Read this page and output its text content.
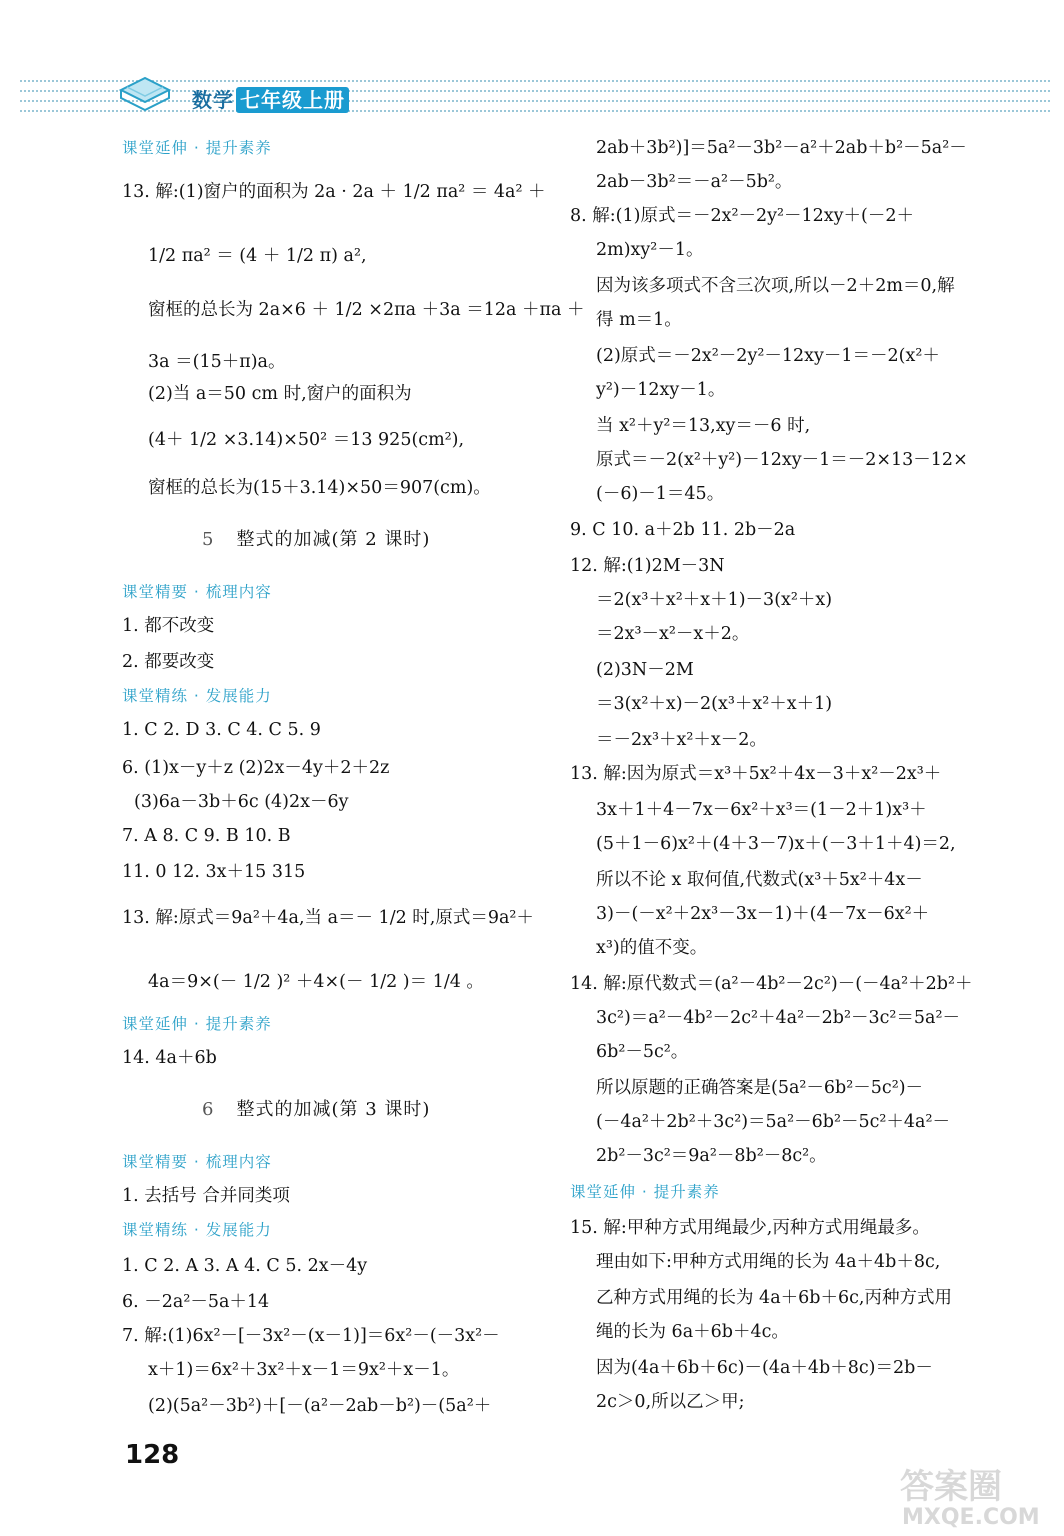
数学 七年级上册
课堂延伸 · 提升素养
13. 解:(1)窗户的面积为 2a · 2a ＋ 1/2 πa² ＝ 4a² ＋
1/2 πa² ＝ (4 ＋ 1/2 π) a²,
窗框的总长为 2a×6 ＋ 1/2 ×2πa ＋3a ＝12a ＋πa ＋
3a ＝(15＋π)a。
(2)当 a＝50 cm 时,窗户的面积为
(4＋ 1/2 ×3.14)×50² ＝13 925(cm²),
窗框的总长为(15＋3.14)×50＝907(cm)。
5 整式的加减(第 2 课时)
课堂精要 · 梳理内容
1. 都不改变
2. 都要改变
课堂精练 · 发展能力
1. C 2. D 3. C 4. C 5. 9
6. (1)x－y＋z (2)2x－4y＋2＋2z
(3)6a－3b＋6c (4)2x－6y
7. A 8. C 9. B 10. B
11. 0 12. 3x＋15 315
13. 解:原式＝9a²＋4a,当 a＝－ 1/2 时,原式＝9a²＋
4a＝9×(－ 1/2 )² ＋4×(－ 1/2 )＝ 1/4 。
课堂延伸 · 提升素养
14. 4a＋6b
6 整式的加减(第 3 课时)
课堂精要 · 梳理内容
1. 去括号 合并同类项
课堂精练 · 发展能力
1. C 2. A 3. A 4. C 5. 2x－4y
6. －2a²－5a＋14
7. 解:(1)6x²－[－3x²－(x－1)]＝6x²－(－3x²－
x＋1)＝6x²＋3x²＋x－1＝9x²＋x－1。
(2)(5a²－3b²)＋[－(a²－2ab－b²)－(5a²＋
2ab＋3b²)]＝5a²－3b²－a²＋2ab＋b²－5a²－
2ab－3b²＝－a²－5b²。
8. 解:(1)原式＝－2x²－2y²－12xy＋(－2＋
2m)xy²－1。
因为该多项式不含三次项,所以－2＋2m＝0,解
得 m＝1。
(2)原式＝－2x²－2y²－12xy－1＝－2(x²＋
y²)－12xy－1。
当 x²＋y²＝13,xy＝－6 时,
原式＝－2(x²＋y²)－12xy－1＝－2×13－12×
(－6)－1＝45。
9. C 10. a＋2b 11. 2b－2a
12. 解:(1)2M－3N
＝2(x³＋x²＋x＋1)－3(x²＋x)
＝2x³－x²－x＋2。
(2)3N－2M
＝3(x²＋x)－2(x³＋x²＋x＋1)
＝－2x³＋x²＋x－2。
13. 解:因为原式＝x³＋5x²＋4x－3＋x²－2x³＋
3x＋1＋4－7x－6x²＋x³＝(1－2＋1)x³＋
(5＋1－6)x²＋(4＋3－7)x＋(－3＋1＋4)＝2,
所以不论 x 取何值,代数式(x³＋5x²＋4x－
3)－(－x²＋2x³－3x－1)＋(4－7x－6x²＋
x³)的值不变。
14. 解:原代数式＝(a²－4b²－2c²)－(－4a²＋2b²＋
3c²)＝a²－4b²－2c²＋4a²－2b²－3c²＝5a²－
6b²－5c²。
所以原题的正确答案是(5a²－6b²－5c²)－
(－4a²＋2b²＋3c²)＝5a²－6b²－5c²＋4a²－
2b²－3c²＝9a²－8b²－8c²。
课堂延伸 · 提升素养
15. 解:甲种方式用绳最少,丙种方式用绳最多。
理由如下:甲种方式用绳的长为 4a＋4b＋8c,
乙种方式用绳的长为 4a＋6b＋6c,丙种方式用
绳的长为 6a＋6b＋4c。
因为(4a＋6b＋6c)－(4a＋4b＋8c)＝2b－
2c＞0,所以乙＞甲;
128
答案圈
MXQE.COM
